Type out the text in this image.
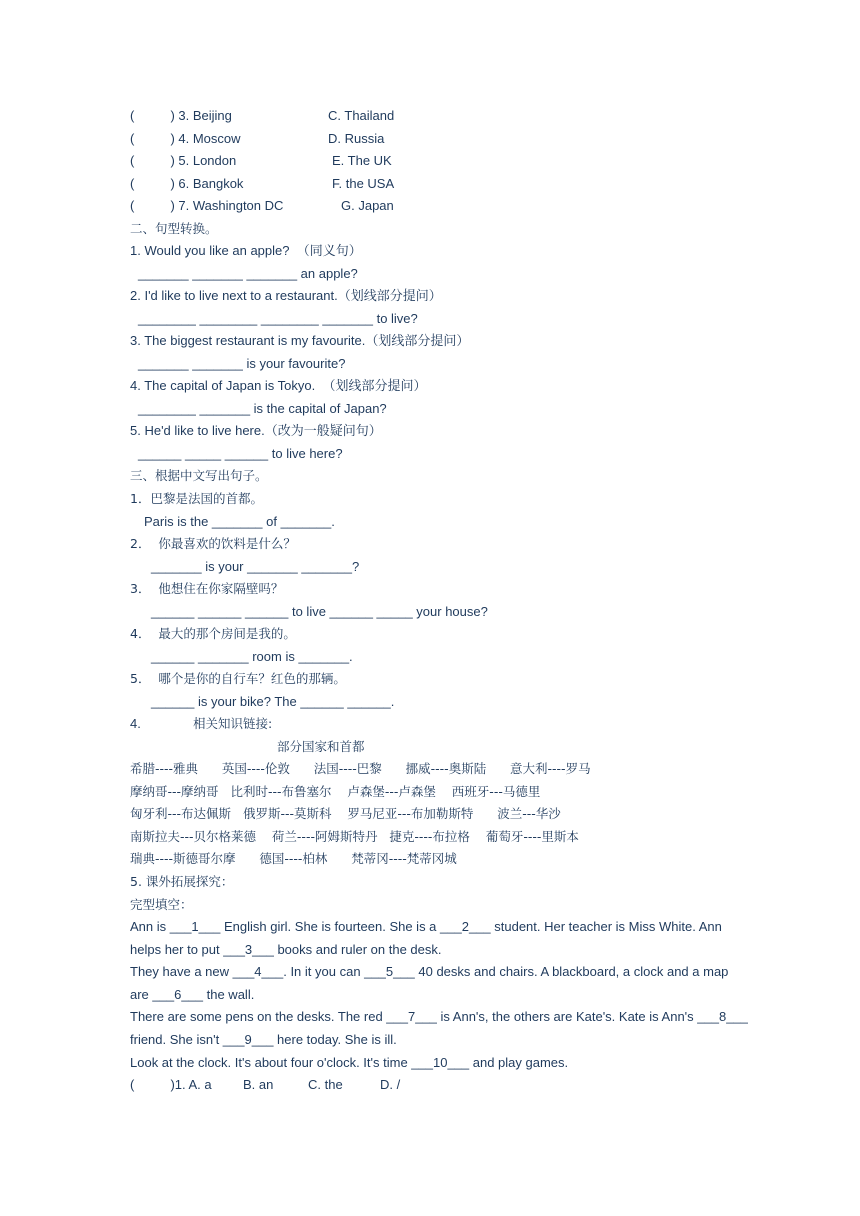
(          ) 3. Beijing	C. Thailand
(          ) 4. Moscow	D. Russia
(          ) 5. London	E. The UK
(          ) 6. Bangkok	F. the USA
(          ) 7. Washington DC	G. Japan
二、句型转换。
1. Would you like an apple?  （同义句）
_______ _______ _______ an apple?
2. I'd like to live next to a restaurant.（划线部分提问）
________ ________ ________ _______ to live?
3. The biggest restaurant is my favourite.（划线部分提问）
_______ _______ is your favourite?
4. The capital of Japan is Tokyo.  （划线部分提问）
________ _______ is the capital of Japan?
5. He'd like to live here.（改为一般疑问句）
______ _____ ______ to live here?
三、根据中文写出句子。
1．巴黎是法国的首都。
Paris is the _______ of _______.
2．  你最喜欢的饮料是什么？
_______ is your _______ _______?
3．  他想住在你家隔壁吗？
______ ______ ______ to live ______ _____ your house?
4．  最大的那个房间是我的。
______ _______ room is _______.
5．  哪个是你的自行车？红色的那辆。
______ is your bike? The ______ ______.
4.	相关知识链接:
部分国家和首都
希腊----雅典      英国----伦敦      法国----巴黎      挪威----奥斯陆      意大利----罗马
摩纳哥---摩纳哥   比利时---布鲁塞尔    卢森堡---卢森堡    西班牙---马德里
匈牙利---布达佩斯   俄罗斯---莫斯科    罗马尼亚---布加勒斯特      波兰---华沙
南斯拉夫---贝尔格莱德    荷兰----阿姆斯特丹   捷克----布拉格    葡萄牙----里斯本
瑞典----斯德哥尔摩      德国----柏林      梵蒂冈----梵蒂冈城
5. 课外拓展探究：
完型填空：
Ann is ___1___ English girl. She is fourteen. She is a ___2___ student. Her teacher is Miss White. Ann
helps her to put ___3___ books and ruler on the desk.
They have a new ___4___. In it you can ___5___ 40 desks and chairs. A blackboard, a clock and a map
are ___6___ the wall.
There are some pens on the desks. The red ___7___ is Ann's, the others are Kate's. Kate is Ann's ___8___
friend. She isn't ___9___ here today. She is ill.
Look at the clock. It's about four o'clock. It's time ___10___ and play games.
(          )1. A. a B. an	C. the	D. /
